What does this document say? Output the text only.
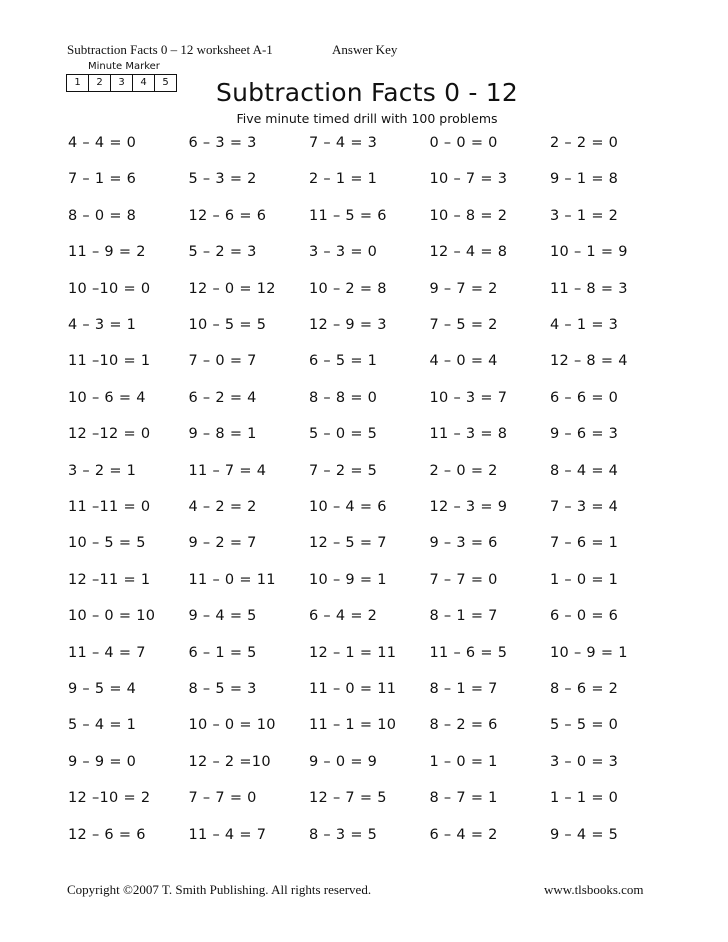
Subtraction Facts 0 – 12 worksheet A-1	Answer Key
Minute Marker
1	2	3	4	5 Subtraction Facts 0 - 12
Five minute timed drill with 100 problems
4 – 4 = 0	6 – 3 = 3	7 – 4 = 3	0 – 0 = 0	2 – 2 = 0
7 – 1 = 6	5 – 3 = 2	2 – 1 = 1	10 – 7 = 3	9 – 1 = 8
8 – 0 = 8	12 – 6 = 6	11 – 5 = 6	10 – 8 = 2	3 – 1 = 2
11 – 9 = 2	5 – 2 = 3	3 – 3 = 0	12 – 4 = 8	10 – 1 = 9
10 –10 = 0	12 – 0 = 12 10 – 2 = 8	9 – 7 = 2	11 – 8 = 3
4 – 3 = 1	10 – 5 = 5	12 – 9 = 3	7 – 5 = 2	4 – 1 = 3
11 –10 = 1	7 – 0 = 7	6 – 5 = 1	4 – 0 = 4	12 – 8 = 4
10 – 6 = 4	6 – 2 = 4	8 – 8 = 0	10 – 3 = 7	6 – 6 = 0
12 –12 = 0	9 – 8 = 1	5 – 0 = 5	11 – 3 = 8	9 – 6 = 3
3 – 2 = 1	11 – 7 = 4	7 – 2 = 5	2 – 0 = 2	8 – 4 = 4
11 –11 = 0	4 – 2 = 2	10 – 4 = 6	12 – 3 = 9	7 – 3 = 4
10 – 5 = 5	9 – 2 = 7	12 – 5 = 7	9 – 3 = 6	7 – 6 = 1
12 –11 = 1	11 – 0 = 11 10 – 9 = 1	7 – 7 = 0	1 – 0 = 1
10 – 0 = 10 9 – 4 = 5	6 – 4 = 2	8 – 1 = 7	6 – 0 = 6
11 – 4 = 7	6 – 1 = 5	12 – 1 = 11 11 – 6 = 5	10 – 9 = 1
9 – 5 = 4	8 – 5 = 3	11 – 0 = 11 8 – 1 = 7	8 – 6 = 2
5 – 4 = 1	10 – 0 = 10 11 – 1 = 10 8 – 2 = 6	5 – 5 = 0
9 – 9 = 0	12 – 2 =10	9 – 0 = 9	1 – 0 = 1	3 – 0 = 3
12 –10 = 2	7 – 7 = 0	12 – 7 = 5	8 – 7 = 1	1 – 1 = 0
12 – 6 = 6	11 – 4 = 7	8 – 3 = 5	6 – 4 = 2	9 – 4 = 5
Copyright ©2007 T. Smith Publishing. All rights reserved.	www.tlsbooks.com
